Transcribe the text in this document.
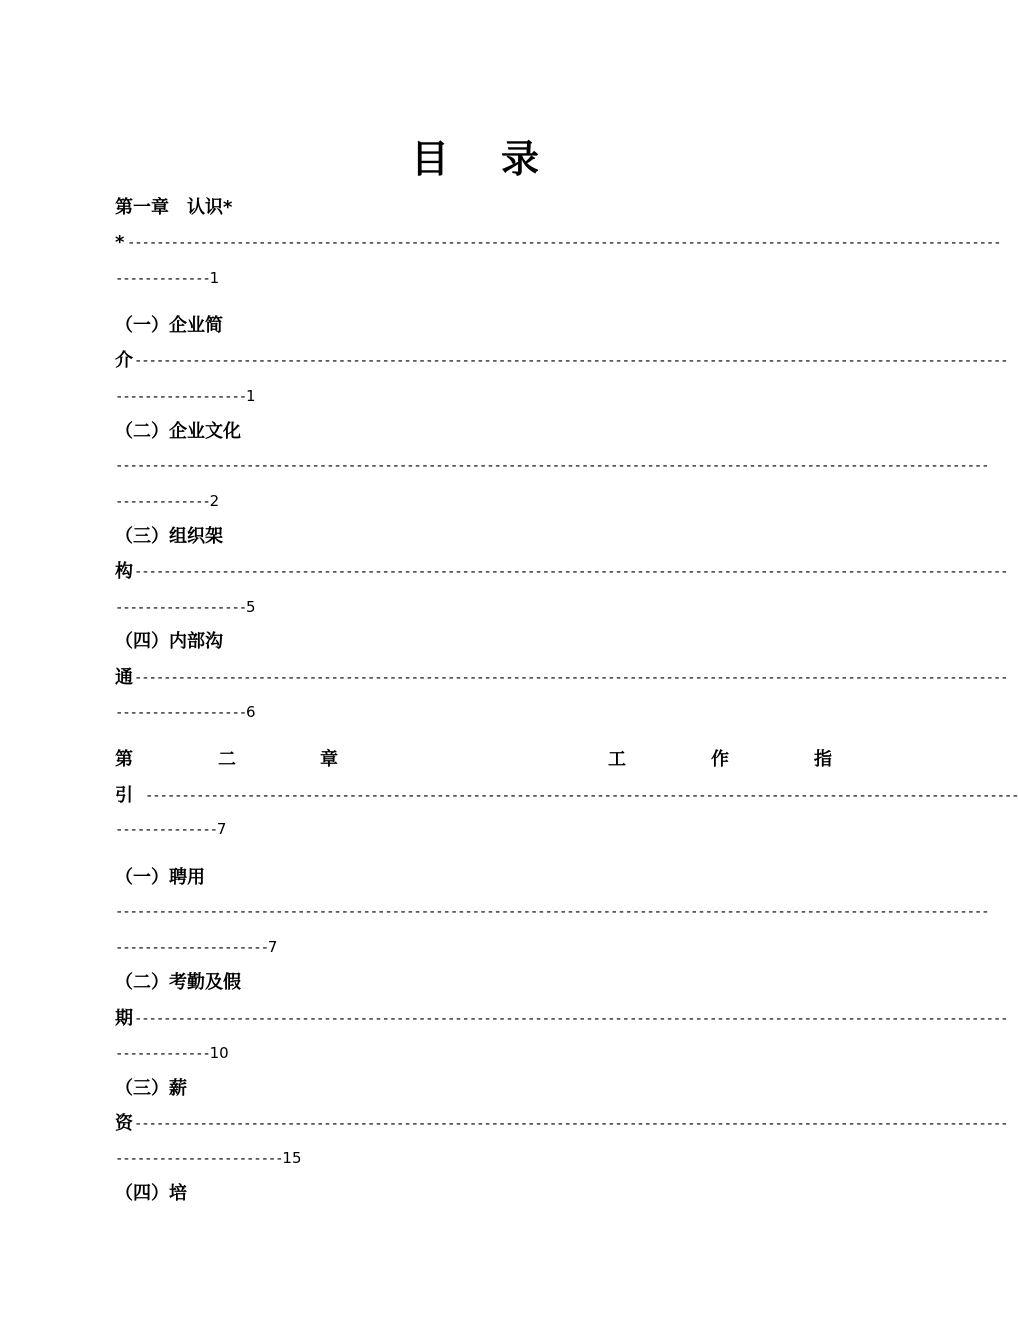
目 录
第一章　认识*
* ------------------------------------------------------------------------------------------------------------------------
-------------1
（一）企业简
介 ------------------------------------------------------------------------------------------------------------------------
------------------1
（二）企业文化
------------------------------------------------------------------------------------------------------------------------
-------------2
（三）组织架
构 ------------------------------------------------------------------------------------------------------------------------
------------------5
（四）内部沟
通 ------------------------------------------------------------------------------------------------------------------------
------------------6
第	二	章	工	作	指
引 ------------------------------------------------------------------------------------------------------------------------
--------------7
（一）聘用
------------------------------------------------------------------------------------------------------------------------
---------------------7
（二）考勤及假
期 ------------------------------------------------------------------------------------------------------------------------
-------------10
（三）薪
资 ------------------------------------------------------------------------------------------------------------------------
-----------------------15
（四）培
